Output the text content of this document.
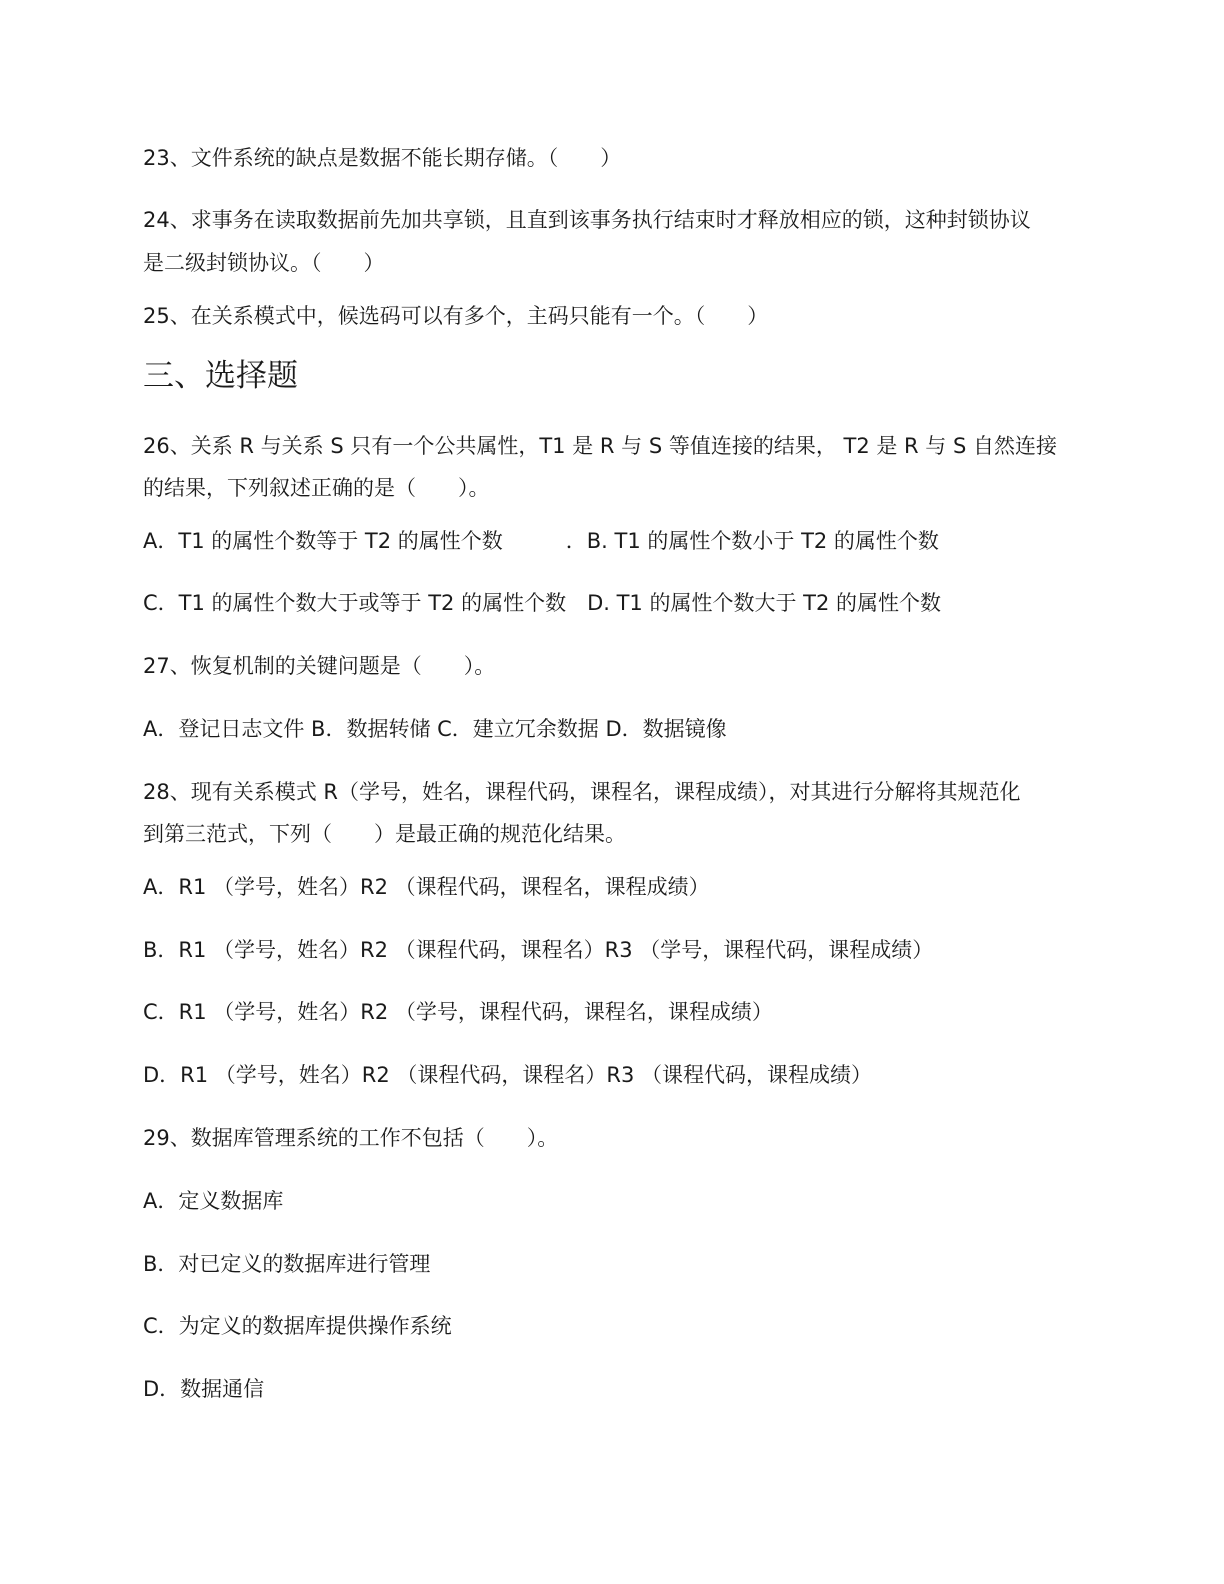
23、文件系统的缺点是数据不能长期存储。（　　）
24、求事务在读取数据前先加共享锁，且直到该事务执行结束时才释放相应的锁，这种封锁协议
是二级封锁协议。（　　）
25、在关系模式中，候选码可以有多个，主码只能有一个。（　　）
三、选择题
26、关系 R 与关系 S 只有一个公共属性，T1 是 R 与 S 等值连接的结果， T2 是 R 与 S 自然连接
的结果，下列叙述正确的是（　　）。
A．T1 的属性个数等于 T2 的属性个数　　　．B. T1 的属性个数小于 T2 的属性个数
C．T1 的属性个数大于或等于 T2 的属性个数　D. T1 的属性个数大于 T2 的属性个数
27、恢复机制的关键问题是（　　）。
A．登记日志文件 B．数据转储 C．建立冗余数据 D．数据镜像
28、现有关系模式 R（学号，姓名，课程代码，课程名，课程成绩），对其进行分解将其规范化
到第三范式，下列（　　）是最正确的规范化结果。
A．R1 （学号，姓名）R2 （课程代码，课程名，课程成绩）
B．R1 （学号，姓名）R2 （课程代码，课程名）R3 （学号，课程代码，课程成绩）
C．R1 （学号，姓名）R2 （学号，课程代码，课程名，课程成绩）
D．R1 （学号，姓名）R2 （课程代码，课程名）R3 （课程代码，课程成绩）
29、数据库管理系统的工作不包括（　　）。
A．定义数据库
B．对已定义的数据库进行管理
C．为定义的数据库提供操作系统
D．数据通信
